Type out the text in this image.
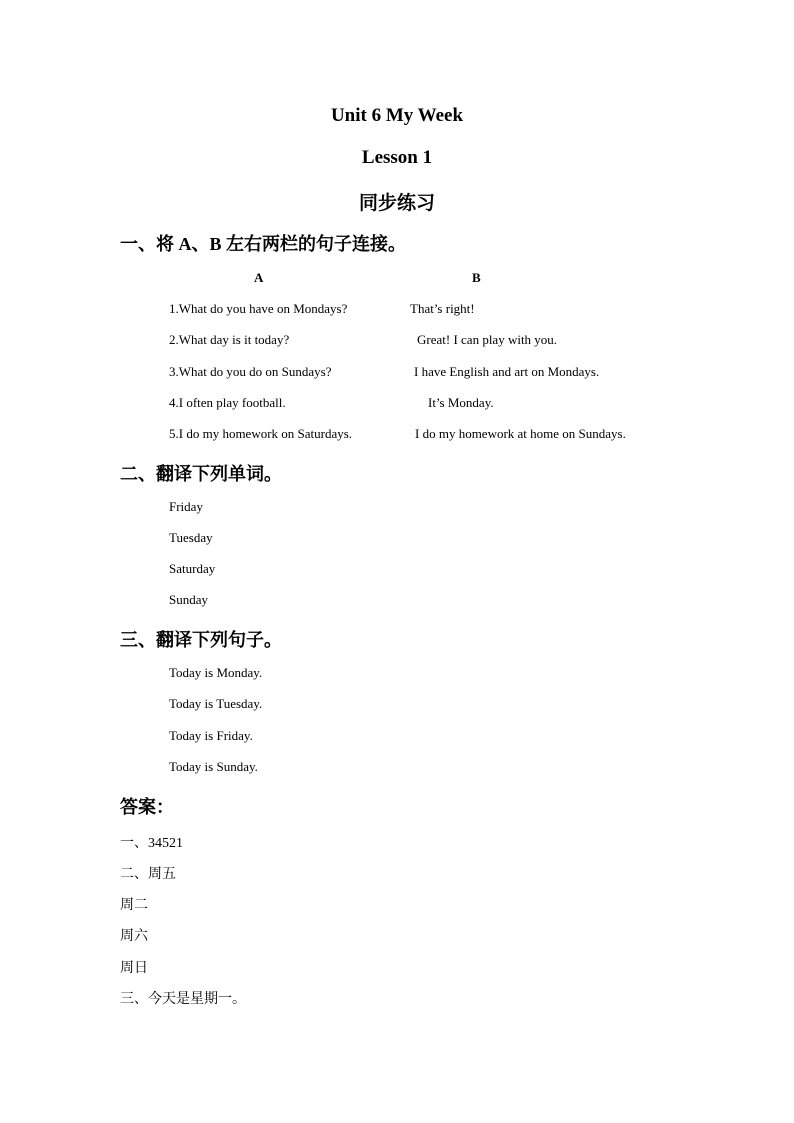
Unit 6 My Week
Lesson 1
同步练习
一、将 A、B 左右两栏的句子连接。
A	B
1.What do you have on Mondays?
2.What day is it today?
3.What do you do on Sundays?
4.I often play football.
5.I do my homework on Saturdays.
That’s right!
Great! I can play with you.
I have English and art on Mondays.
It’s Monday.
I do my homework at home on Sundays.
二、翻译下列单词。
Friday
Tuesday
Saturday
Sunday
三、翻译下列句子。
Today is Monday.
Today is Tuesday.
Today is Friday.
Today is Sunday.
答案：
一、34521
二、周五
周二
周六
周日
三、今天是星期一。
